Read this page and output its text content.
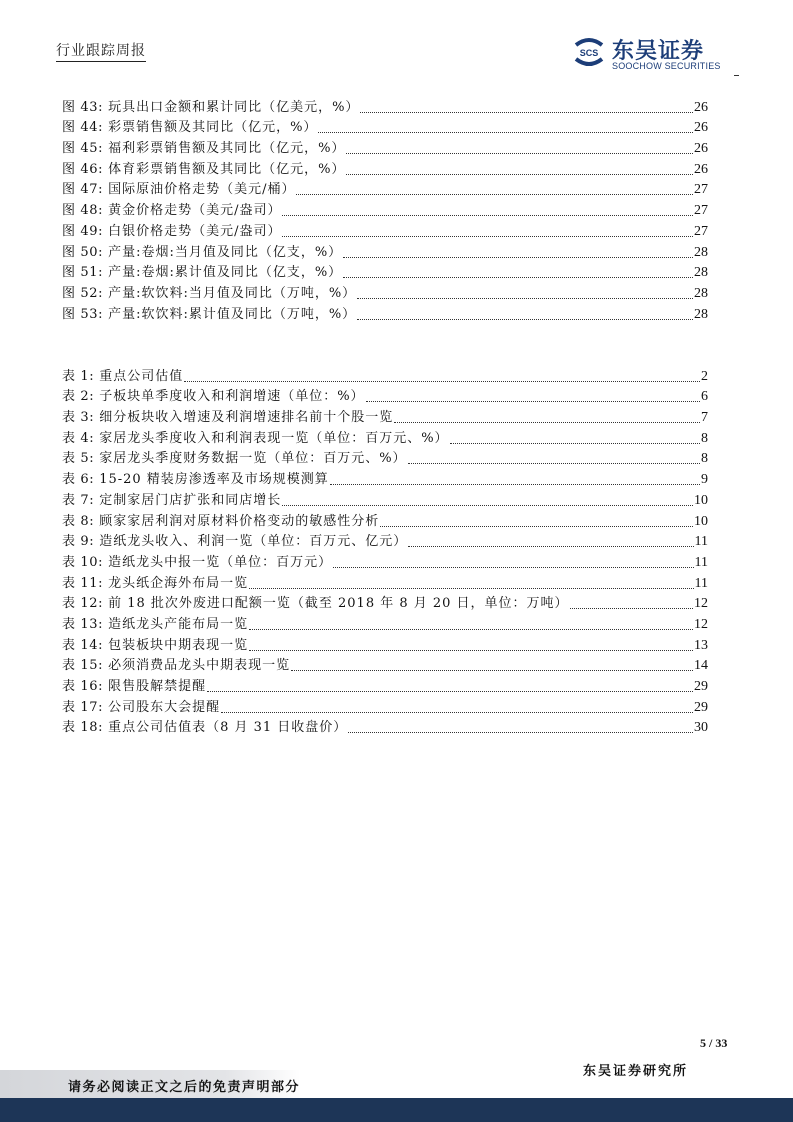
行业跟踪周报	SCS 东吴证券
SOOCHOW SECURITIES
图 43: 玩具出口金额和累计同比（亿美元，%）	26
图 44: 彩票销售额及其同比（亿元，%）	26
图 45: 福利彩票销售额及其同比（亿元，%）	26
图 46: 体育彩票销售额及其同比（亿元，%）	26
图 47: 国际原油价格走势（美元/桶）	27
图 48: 黄金价格走势（美元/盎司）	27
图 49: 白银价格走势（美元/盎司）	27
图 50: 产量:卷烟:当月值及同比（亿支，%）	28
图 51: 产量:卷烟:累计值及同比（亿支，%）	28
图 52: 产量:软饮料:当月值及同比（万吨，%）	28
图 53: 产量:软饮料:累计值及同比（万吨，%）	28
表 1: 重点公司估值	2
表 2: 子板块单季度收入和利润增速（单位：%）	6
表 3: 细分板块收入增速及利润增速排名前十个股一览	7
表 4: 家居龙头季度收入和利润表现一览（单位：百万元、%）	8
表 5: 家居龙头季度财务数据一览（单位：百万元、%）	8
表 6: 15-20 精装房渗透率及市场规模测算	9
表 7: 定制家居门店扩张和同店增长	10
表 8: 顾家家居利润对原材料价格变动的敏感性分析	10
表 9: 造纸龙头收入、利润一览（单位：百万元、亿元）	11
表 10: 造纸龙头中报一览（单位：百万元）	11
表 11: 龙头纸企海外布局一览	11
表 12: 前 18 批次外废进口配额一览（截至 2018 年 8 月 20 日，单位：万吨）	12
表 13: 造纸龙头产能布局一览	12
表 14: 包装板块中期表现一览	13
表 15: 必须消费品龙头中期表现一览	14
表 16: 限售股解禁提醒	29
表 17: 公司股东大会提醒	29
表 18: 重点公司估值表（8 月 31 日收盘价）	30
5 / 33
东吴证券研究所
请务必阅读正文之后的免责声明部分
